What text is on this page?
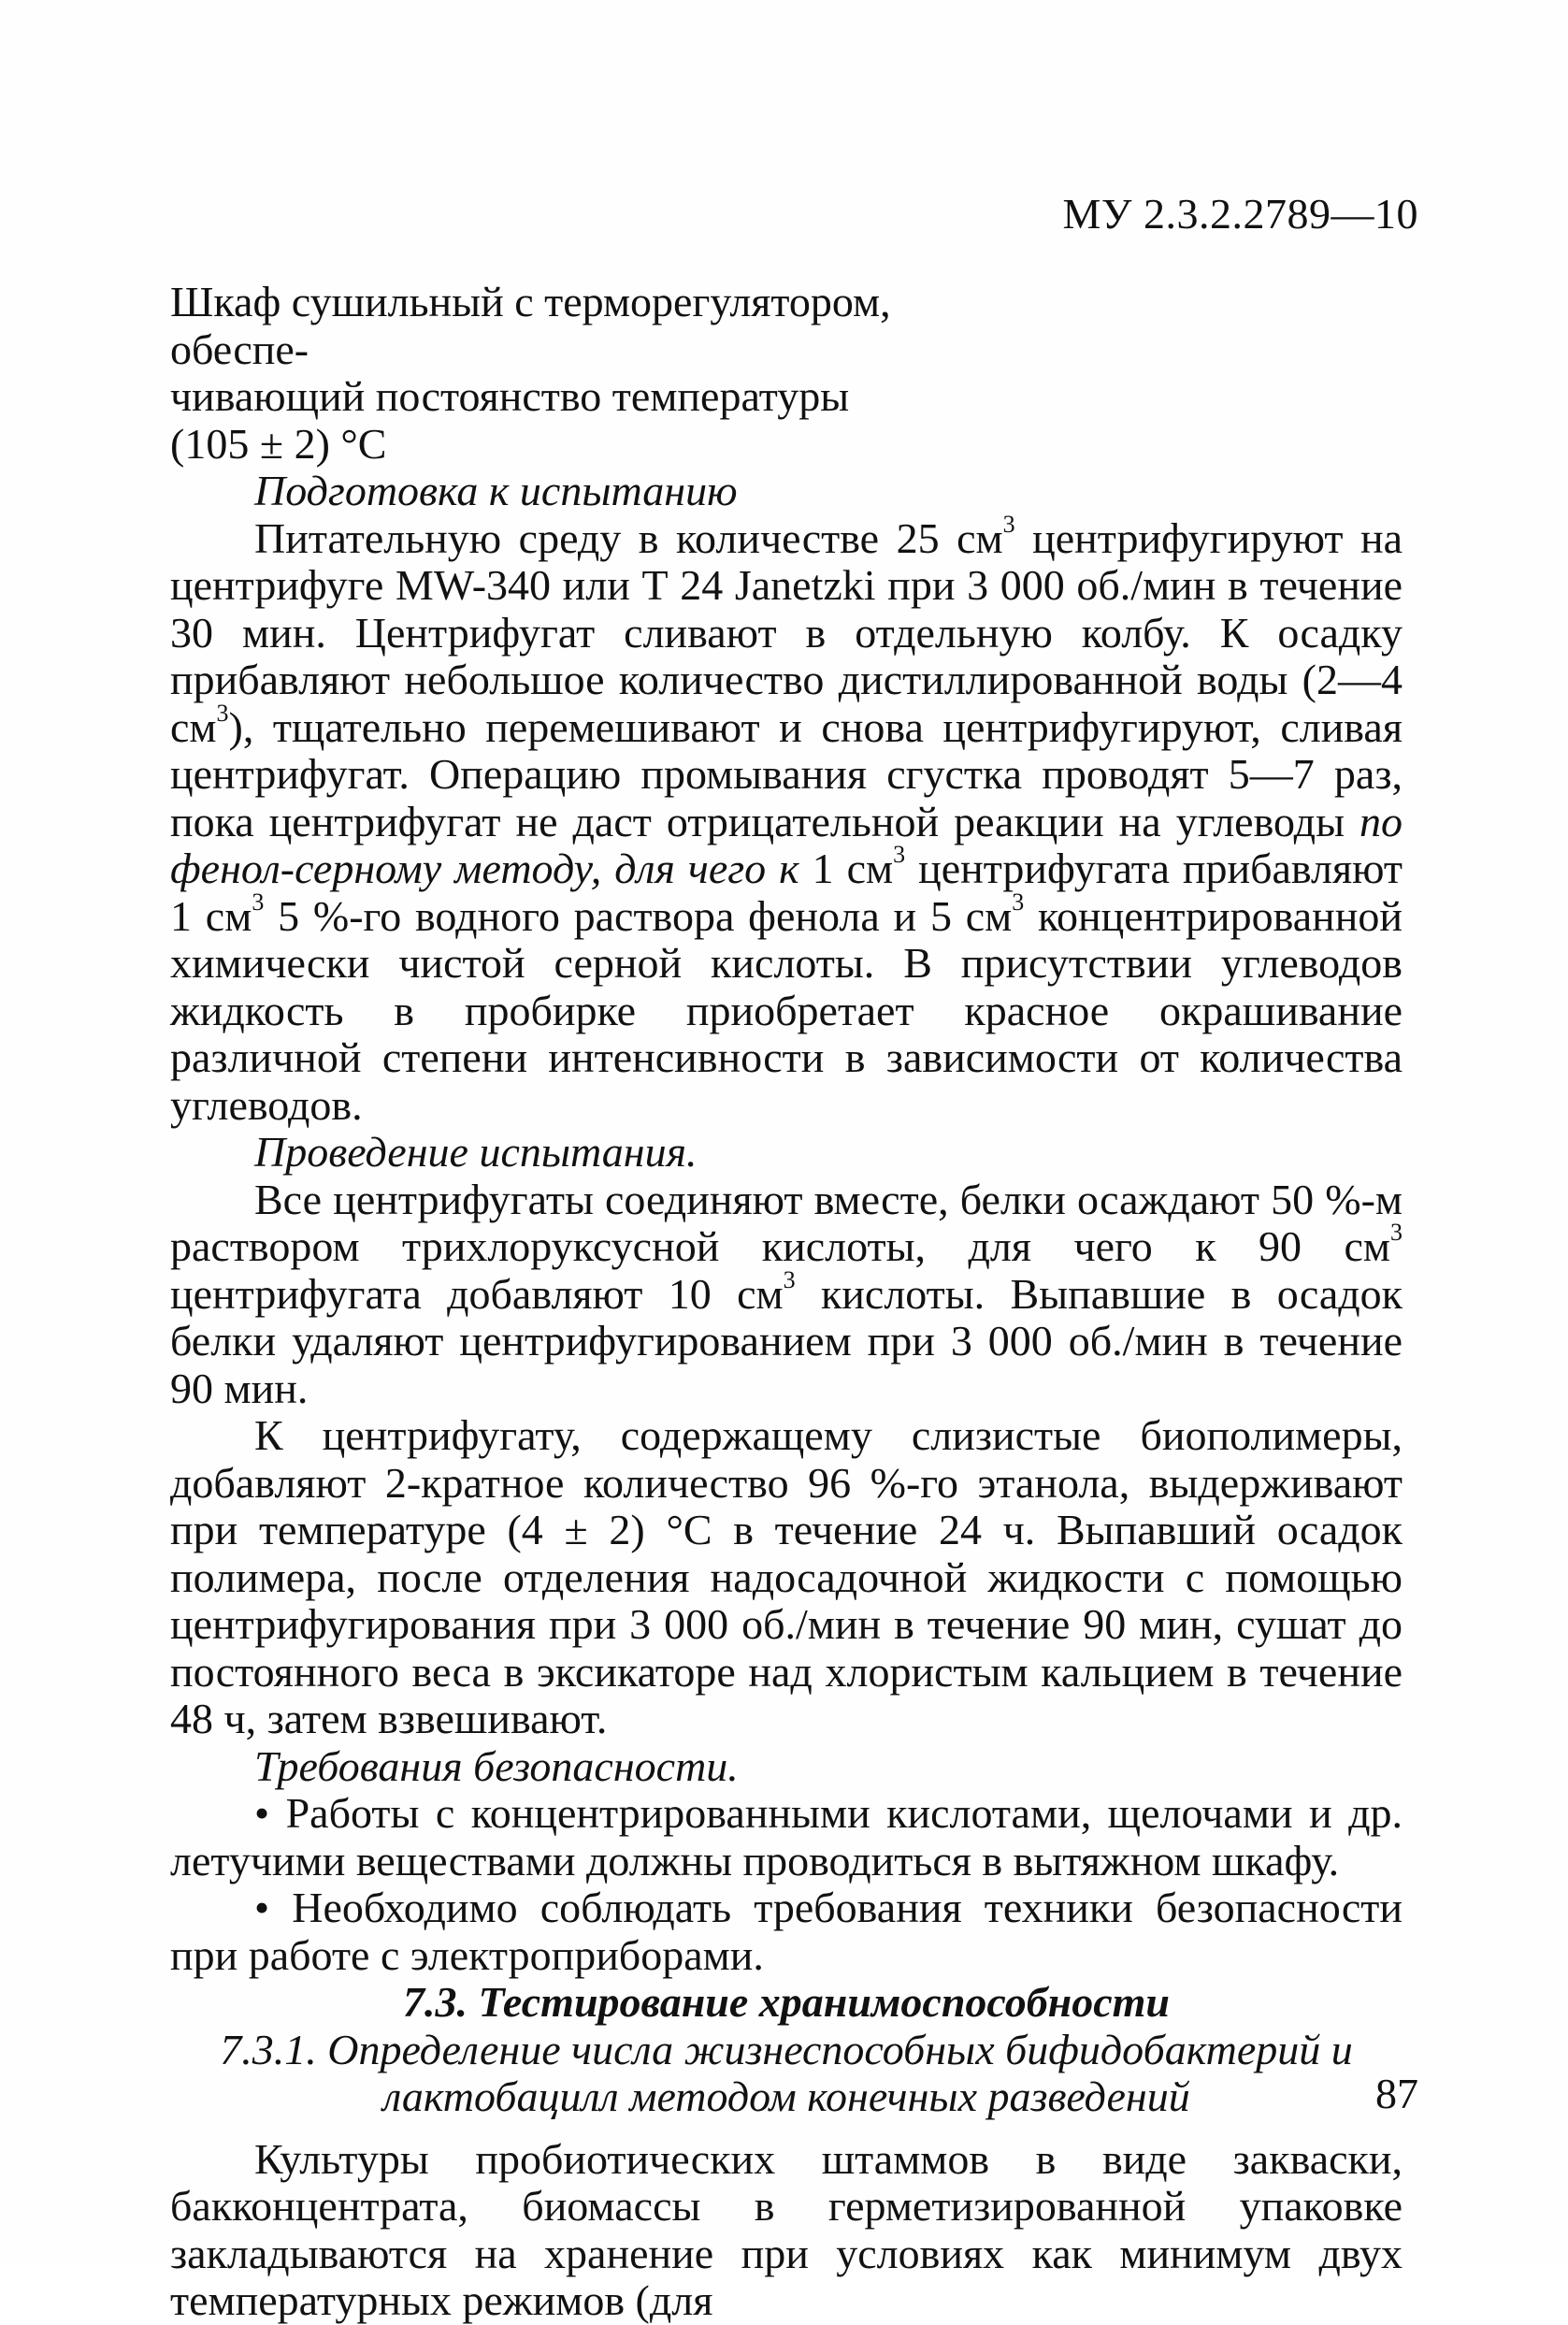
МУ 2.3.2.2789—10
Шкаф сушильный с терморегулятором, обеспе-
чивающий постоянство температуры
(105 ± 2) °С

Подготовка к испытанию

Питательную среду в количестве 25 $см^3$ центрифугируют на центрифуге MW-340 или Т 24 Janetzki при 3 000 об./мин в течение 30 мин. Центрифугат сливают в отдельную колбу. К осадку прибавляют небольшое количество дистиллированной воды (2—4 $см^3$), тщательно перемешивают и снова центрифугируют, сливая центрифугат. Операцию промывания сгустка проводят 5—7 раз, пока центрифугат не даст отрицательной реакции на углеводы по фенол-серному методу, для чего к 1 $см^3$ центрифугата прибавляют 1 $см^3$ 5 %-го водного раствора фенола и 5 $см^3$ концентрированной химически чистой серной кислоты. В присутствии углеводов жидкость в пробирке приобретает красное окрашивание различной степени интенсивности в зависимости от количества углеводов.

Проведение испытания.

Все центрифугаты соединяют вместе, белки осаждают 50 %-м раствором трихлоруксусной кислоты, для чего к 90 $см^3$ центрифугата добавляют 10 $см^3$ кислоты. Выпавшие в осадок белки удаляют центрифугированием при 3 000 об./мин в течение 90 мин.

К центрифугату, содержащему слизистые биополимеры, добавляют 2-кратное количество 96 %-го этанола, выдерживают при температуре (4 ± 2) °С в течение 24 ч. Выпавший осадок полимера, после отделения надосадочной жидкости с помощью центрифугирования при 3 000 об./мин в течение 90 мин, сушат до постоянного веса в эксикаторе над хлористым кальцием в течение 48 ч, затем взвешивают.

Требования безопасности.

• Работы с концентрированными кислотами, щелочами и др. летучими веществами должны проводиться в вытяжном шкафу.

• Необходимо соблюдать требования техники безопасности при работе с электроприборами.

7.3. Тестирование хранимоспособности

7.3.1. Определение числа жизнеспособных бифидобактерий и

лактобацилл методом конечных разведений

Культуры пробиотических штаммов в виде закваски, бакконцентрата, биомассы в герметизированной упаковке закладываются на хранение при условиях как минимум двух температурных режимов (для

87
